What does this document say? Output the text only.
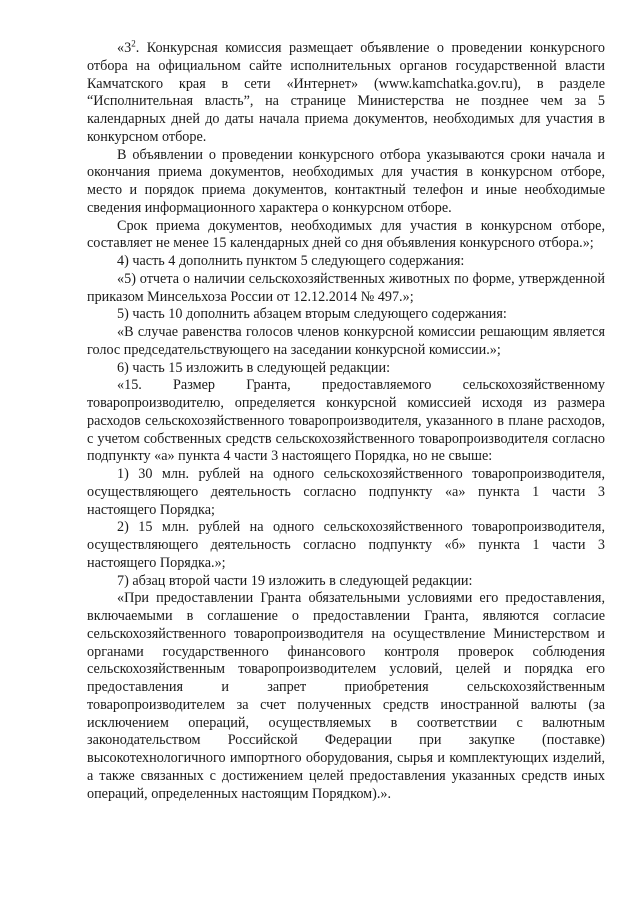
«$3^2$. Конкурсная комиссия размещает объявление о проведении конкурсного отбора на официальном сайте исполнительных органов государственной власти Камчатского края в сети «Интернет» (www.kamchatka.gov.ru), в разделе “Исполнительная власть”, на странице Министерства не позднее чем за 5 календарных дней до даты начала приема документов, необходимых для участия в конкурсном отборе.

В объявлении о проведении конкурсного отбора указываются сроки начала и окончания приема документов, необходимых для участия в конкурсном отборе, место и порядок приема документов, контактный телефон и иные необходимые сведения информационного характера о конкурсном отборе.

Срок приема документов, необходимых для участия в конкурсном отборе, составляет не менее 15 календарных дней со дня объявления конкурсного отбора.»;

4) часть 4 дополнить пунктом 5 следующего содержания:

«5) отчета о наличии сельскохозяйственных животных по форме, утвержденной приказом Минсельхоза России от 12.12.2014 № 497.»;

5) часть 10 дополнить абзацем вторым следующего содержания:

«В случае равенства голосов членов конкурсной комиссии решающим является голос председательствующего на заседании конкурсной комиссии.»;

6) часть 15 изложить в следующей редакции:

«15. Размер Гранта, предоставляемого сельскохозяйственному товаропроизводителю, определяется конкурсной комиссией исходя из размера расходов сельскохозяйственного товаропроизводителя, указанного в плане расходов, с учетом собственных средств сельскохозяйственного товаропроизводителя согласно подпункту «а» пункта 4 части 3 настоящего Порядка, но не свыше:

1) 30 млн. рублей на одного сельскохозяйственного товаропроизводителя, осуществляющего деятельность согласно подпункту «а» пункта 1 части 3 настоящего Порядка;

2) 15 млн. рублей на одного сельскохозяйственного товаропроизводителя, осуществляющего деятельность согласно подпункту «б» пункта 1 части 3 настоящего Порядка.»;

7) абзац второй части 19 изложить в следующей редакции:

«При предоставлении Гранта обязательными условиями его предоставления, включаемыми в соглашение о предоставлении Гранта, являются согласие сельскохозяйственного товаропроизводителя на осуществление Министерством и органами государственного финансового контроля проверок соблюдения сельскохозяйственным товаропроизводителем условий, целей и порядка его предоставления и запрет приобретения сельскохозяйственным товаропроизводителем за счет полученных средств иностранной валюты (за исключением операций, осуществляемых в соответствии с валютным законодательством Российской Федерации при закупке (поставке) высокотехнологичного импортного оборудования, сырья и комплектующих изделий, а также связанных с достижением целей предоставления указанных средств иных операций, определенных настоящим Порядком).».
